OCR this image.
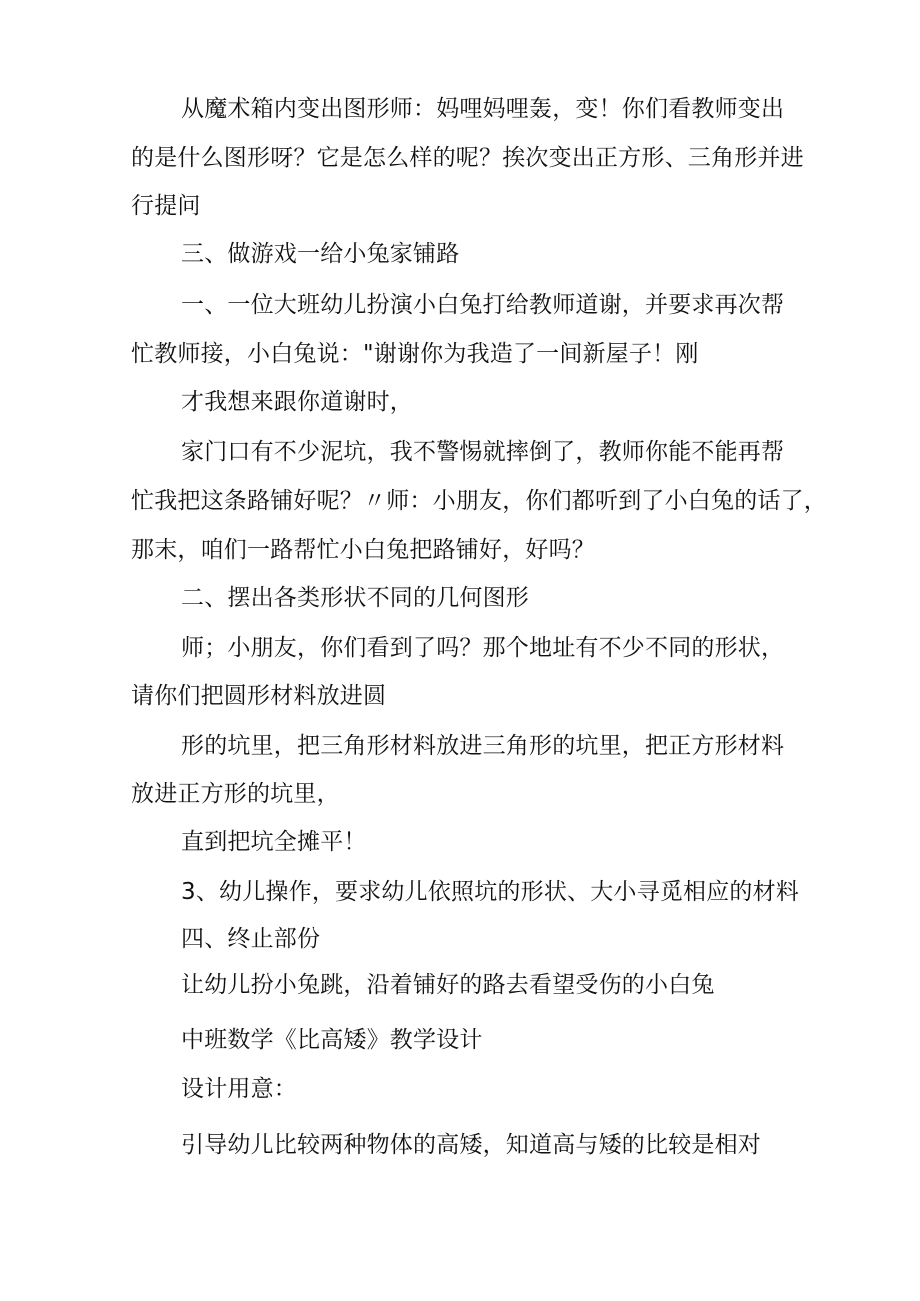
从魔术箱内变出图形师：妈哩妈哩轰，变！你们看教师变出
的是什么图形呀？它是怎么样的呢？挨次变出正方形、三角形并进
行提问
三、做游戏一给小兔家铺路
一、一位大班幼儿扮演小白兔打给教师道谢，并要求再次帮
忙教师接，小白兔说："谢谢你为我造了一间新屋子！刚
才我想来跟你道谢时，
家门口有不少泥坑，我不警惕就摔倒了，教师你能不能再帮
忙我把这条路铺好呢？〃师：小朋友，你们都听到了小白兔的话了，
那末，咱们一路帮忙小白兔把路铺好，好吗？
二、摆出各类形状不同的几何图形
师；小朋友，你们看到了吗？那个地址有不少不同的形状，
请你们把圆形材料放进圆
形的坑里，把三角形材料放进三角形的坑里，把正方形材料
放进正方形的坑里，
直到把坑全摊平！
3、幼儿操作，要求幼儿依照坑的形状、大小寻觅相应的材料
四、终止部份
让幼儿扮小兔跳，沿着铺好的路去看望受伤的小白兔
中班数学《比高矮》教学设计
设计用意：
引导幼儿比较两种物体的高矮，知道高与矮的比较是相对
